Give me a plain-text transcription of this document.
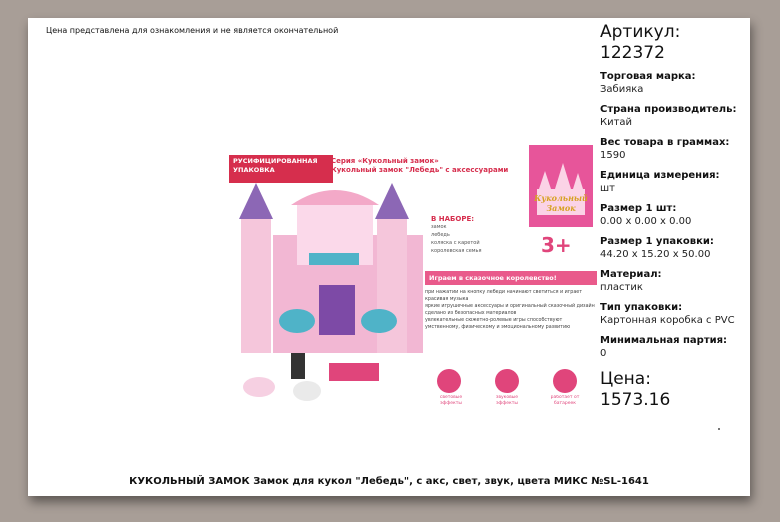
Цена представлена для ознакомления и не является окончательной
РУСИФИЦИРОВАННАЯ УПАКОВКА
Серия «Кукольный замок»
Кукольный замок "Лебедь" с аксессуарами
Кукольный Замок
3+
В НАБОРЕ:
замок
лебедь
коляска с каретой
королевская семья
Играем в сказочное королевство!
при нажатии на кнопку лебеди начинают светиться и играет красивая музыка
яркие игрушечные аксессуары и оригинальный сказочный дизайн
сделано из безопасных материалов
увлекательные сюжетно-ролевые игры способствуют умственному, физическому и эмоциональному развитию
световые эффекты
звуковые эффекты
работает от батареек
Артикул:
122372
Торговая марка:
Забияка
Страна производитель:
Китай
Вес товара в граммах:
1590
Единица измерения:
шт
Размер 1 шт:
0.00 x 0.00 x 0.00
Размер 1 упаковки:
44.20 x 15.20 x 50.00
Материал:
пластик
Тип упаковки:
Картонная коробка с PVC
Минимальная партия:
0
Цена:
1573.16
КУКОЛЬНЫЙ ЗАМОК Замок для кукол "Лебедь", с акс, свет, звук, цвета МИКС №SL-1641
